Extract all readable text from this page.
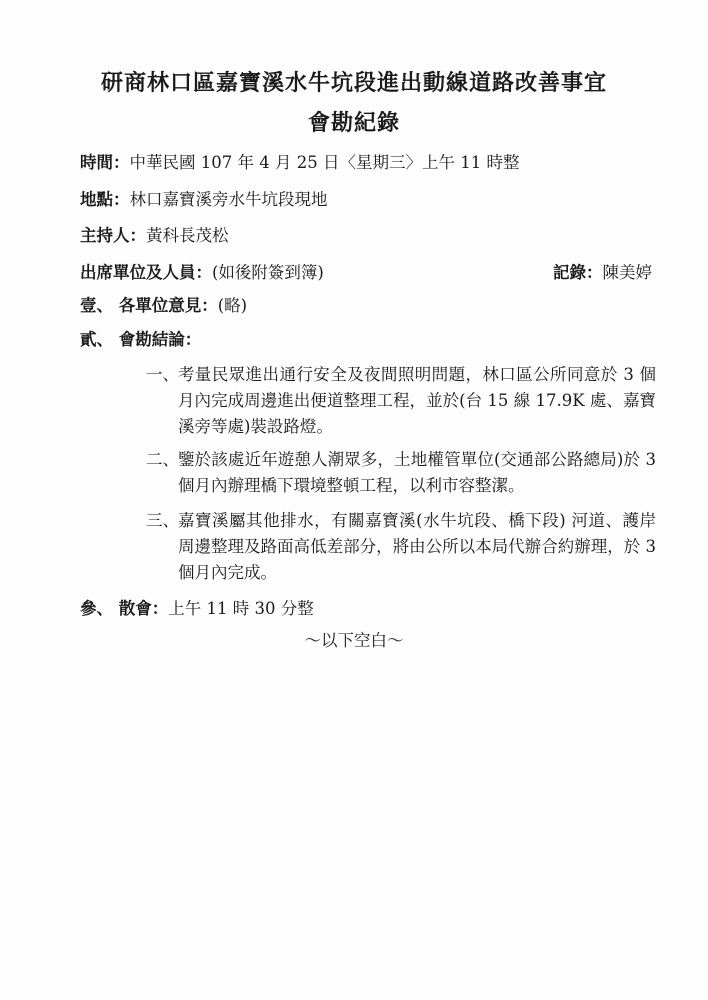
研商林口區嘉寶溪水牛坑段進出動線道路改善事宜
會勘紀錄
時間：中華民國 107 年 4 月 25 日〈星期三〉上午 11 時整
地點：林口嘉寶溪旁水牛坑段現地
主持人：黃科長茂松
出席單位及人員：(如後附簽到簿)	記錄：陳美婷
壹、 各單位意見：(略)
貳、 會勘結論：
一、 考量民眾進出通行安全及夜間照明問題，林口區公所同意於 3 個月內完成周邊進出便道整理工程，並於(台 15 線 17.9K 處、嘉寶溪旁等處)裝設路燈。
二、 鑒於該處近年遊憩人潮眾多，土地權管單位(交通部公路總局)於 3 個月內辦理橋下環境整頓工程，以利市容整潔。
三、 嘉寶溪屬其他排水，有關嘉寶溪(水牛坑段、橋下段) 河道、護岸周邊整理及路面高低差部分，將由公所以本局代辦合約辦理，於 3 個月內完成。
參、 散會：上午 11 時 30 分整
～以下空白～
